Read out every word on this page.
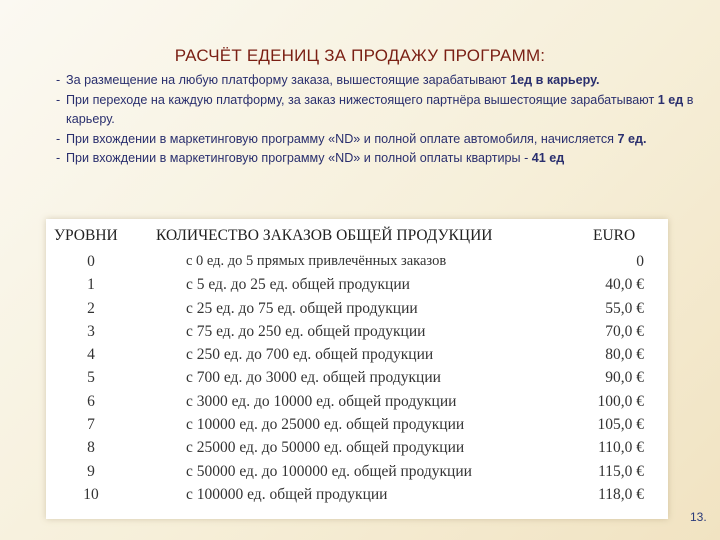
РАСЧЁТ ЕДЕНИЦ ЗА ПРОДАЖУ ПРОГРАММ:
- За размещение на любую платформу заказа, вышестоящие зарабатывают 1ед в карьеру.
- При переходе на каждую платформу, за заказ нижестоящего партнёра вышестоящие зарабатывают 1 ед в карьеру.
- При вхождении в маркетинговую программу «ND» и полной оплате автомобиля, начисляется 7 ед.
- При вхождении в маркетинговую программу «ND» и полной оплаты квартиры - 41 ед
УРОВНИ КОЛИЧЕСТВО ЗАКАЗОВ ОБЩЕЙ ПРОДУКЦИИ	EURO
0	с 0 ед. до 5 прямых привлечённых заказов	0
1	с 5 ед. до 25 ед. общей продукции	40,0 €
2	с 25 ед. до 75 ед. общей продукции	55,0 €
3	с 75 ед. до 250 ед. общей продукции	70,0 €
4	с 250 ед. до 700 ед. общей продукции	80,0 €
5	с 700 ед. до 3000 ед. общей продукции	90,0 €
6	с 3000 ед. до 10000 ед. общей продукции	100,0 €
7	с 10000 ед. до 25000 ед. общей продукции	105,0 €
8	с 25000 ед. до 50000 ед. общей продукции	110,0 €
9	с 50000 ед. до 100000 ед. общей продукции	115,0 €
10	с 100000 ед. общей продукции	118,0 €
13.
